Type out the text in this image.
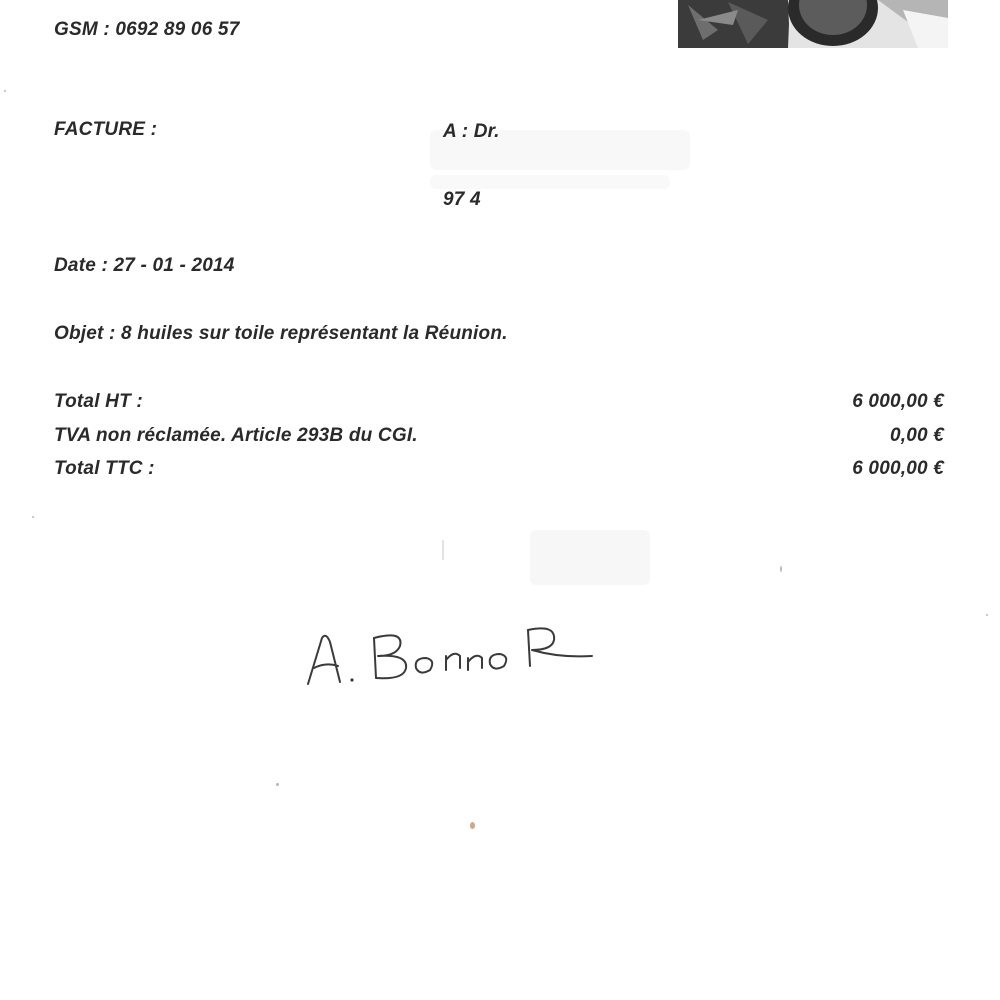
GSM : 0692 89 06 57
FACTURE :	A : Dr.
97 4
Date : 27 - 01 - 2014
Objet : 8 huiles sur toile représentant la Réunion.
Total HT :	6 000,00 €
TVA non réclamée. Article 293B du CGI.	0,00 €
Total TTC :	6 000,00 €
